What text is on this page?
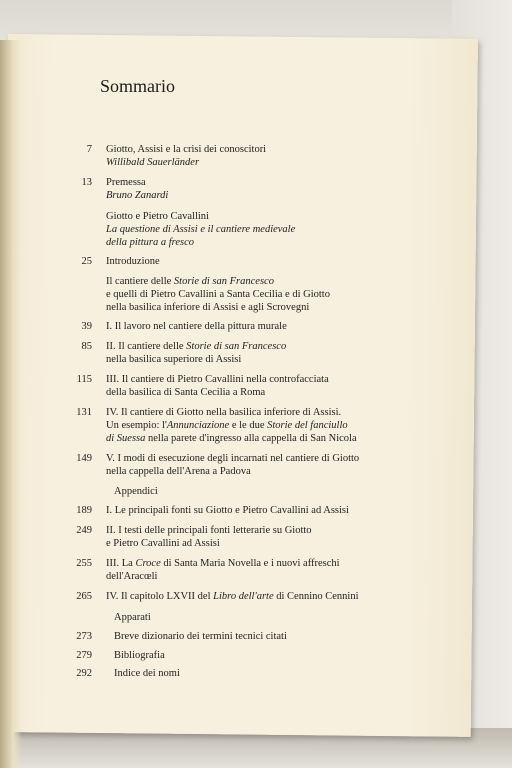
Sommario
7 Giotto, Assisi e la crisi dei conoscitori
Willibald Sauerländer
13 Premessa
Bruno Zanardi
Giotto e Pietro Cavallini
La questione di Assisi e il cantiere medievale
della pittura a fresco
25 Introduzione
Il cantiere delle Storie di san Francesco
e quelli di Pietro Cavallini a Santa Cecilia e di Giotto
nella basilica inferiore di Assisi e agli Scrovegni
39 I. Il lavoro nel cantiere della pittura murale
85 II. Il cantiere delle Storie di san Francesco
nella basilica superiore di Assisi
115 III. Il cantiere di Pietro Cavallini nella controfacciata
della basilica di Santa Cecilia a Roma
131 IV. Il cantiere di Giotto nella basilica inferiore di Assisi.
Un esempio: l'Annunciazione e le due Storie del fanciullo
di Suessa nella parete d'ingresso alla cappella di San Nicola
149 V. I modi di esecuzione degli incarnati nel cantiere di Giotto
nella cappella dell'Arena a Padova
Appendici
189 I. Le principali fonti su Giotto e Pietro Cavallini ad Assisi
249 II. I testi delle principali fonti letterarie su Giotto
e Pietro Cavallini ad Assisi
255 III. La Croce di Santa Maria Novella e i nuovi affreschi
dell'Aracœli
265 IV. Il capitolo LXVII del Libro dell'arte di Cennino Cennini
Apparati
273 Breve dizionario dei termini tecnici citati
279 Bibliografia
292 Indice dei nomi
